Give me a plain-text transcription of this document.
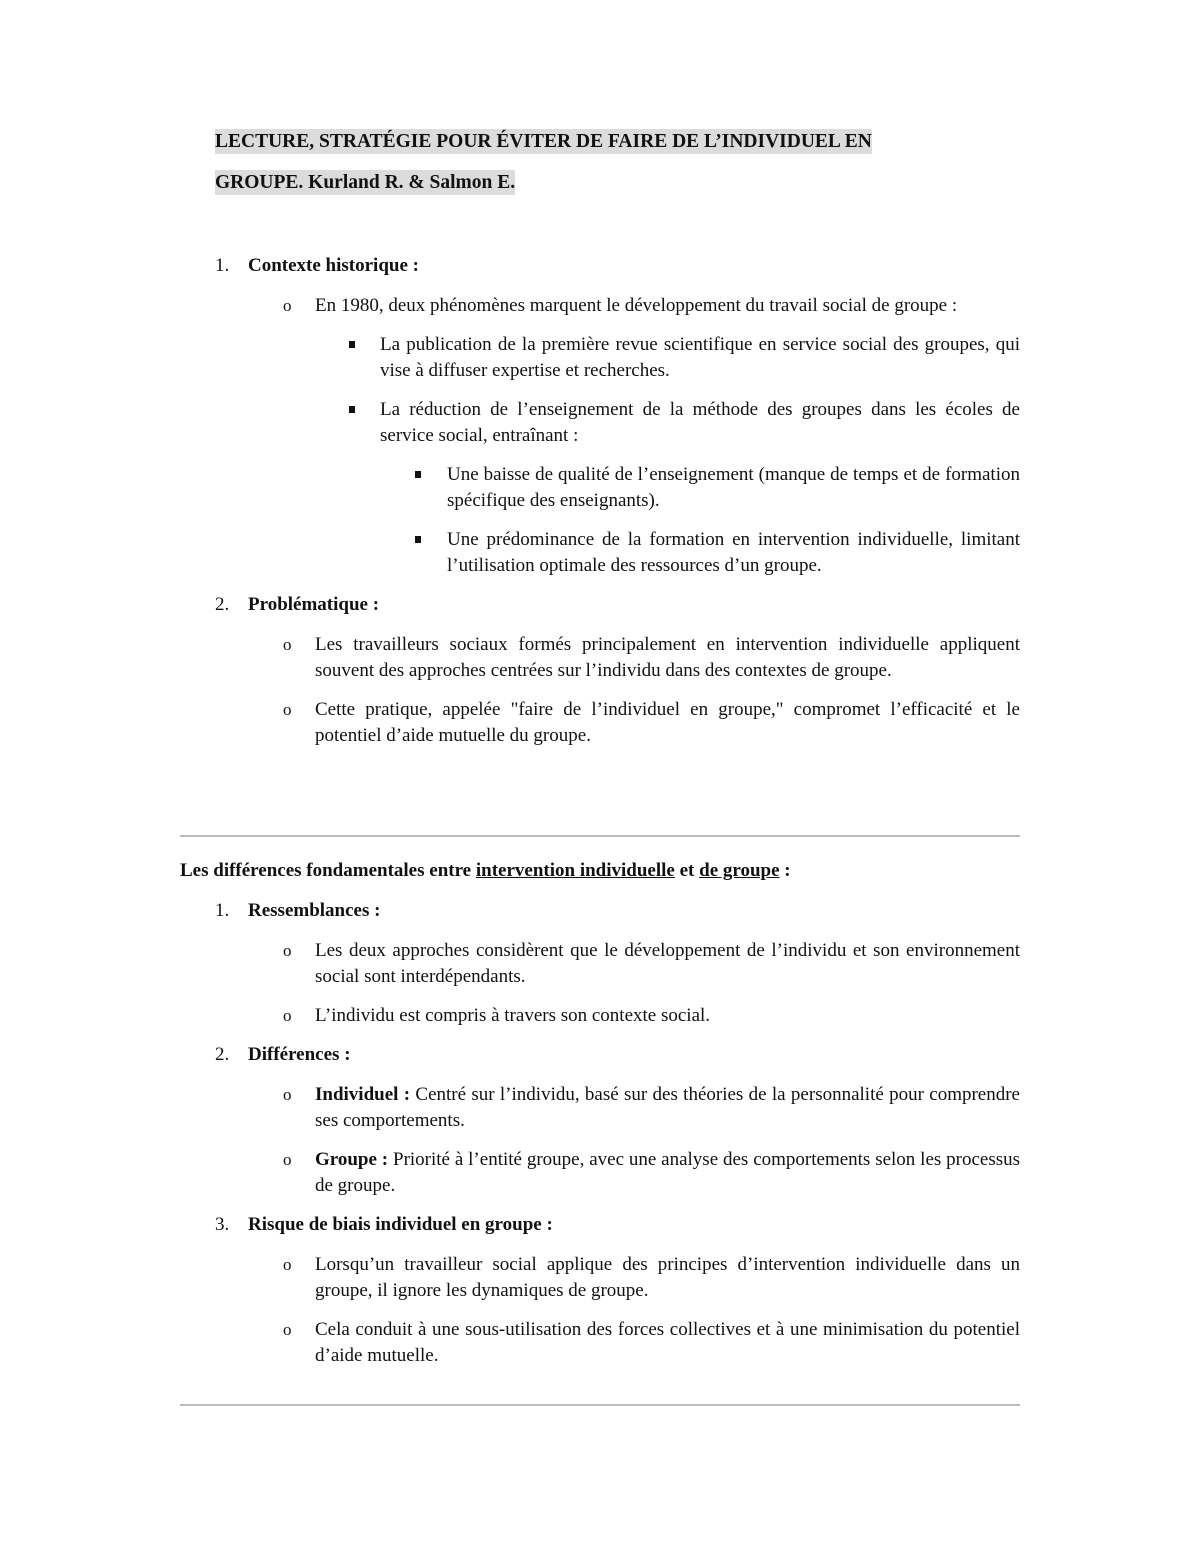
LECTURE, STRATÉGIE POUR ÉVITER DE FAIRE DE L’INDIVIDUEL EN
GROUPE. Kurland R. & Salmon E.
1. Contexte historique :
o En 1980, deux phénomènes marquent le développement du travail social de groupe :
La publication de la première revue scientifique en service social des groupes, qui vise à diffuser expertise et recherches.
La réduction de l’enseignement de la méthode des groupes dans les écoles de service social, entraînant :
Une baisse de qualité de l’enseignement (manque de temps et de formation spécifique des enseignants).
Une prédominance de la formation en intervention individuelle, limitant l’utilisation optimale des ressources d’un groupe.
2. Problématique :
o Les travailleurs sociaux formés principalement en intervention individuelle appliquent souvent des approches centrées sur l’individu dans des contextes de groupe.
o Cette pratique, appelée "faire de l’individuel en groupe," compromet l’efficacité et le potentiel d’aide mutuelle du groupe.
Les différences fondamentales entre intervention individuelle et de groupe :
1. Ressemblances :
o Les deux approches considèrent que le développement de l’individu et son environnement social sont interdépendants.
o L’individu est compris à travers son contexte social.
2. Différences :
o Individuel : Centré sur l’individu, basé sur des théories de la personnalité pour comprendre ses comportements.
o Groupe : Priorité à l’entité groupe, avec une analyse des comportements selon les processus de groupe.
3. Risque de biais individuel en groupe :
o Lorsqu’un travailleur social applique des principes d’intervention individuelle dans un groupe, il ignore les dynamiques de groupe.
o Cela conduit à une sous-utilisation des forces collectives et à une minimisation du potentiel d’aide mutuelle.
